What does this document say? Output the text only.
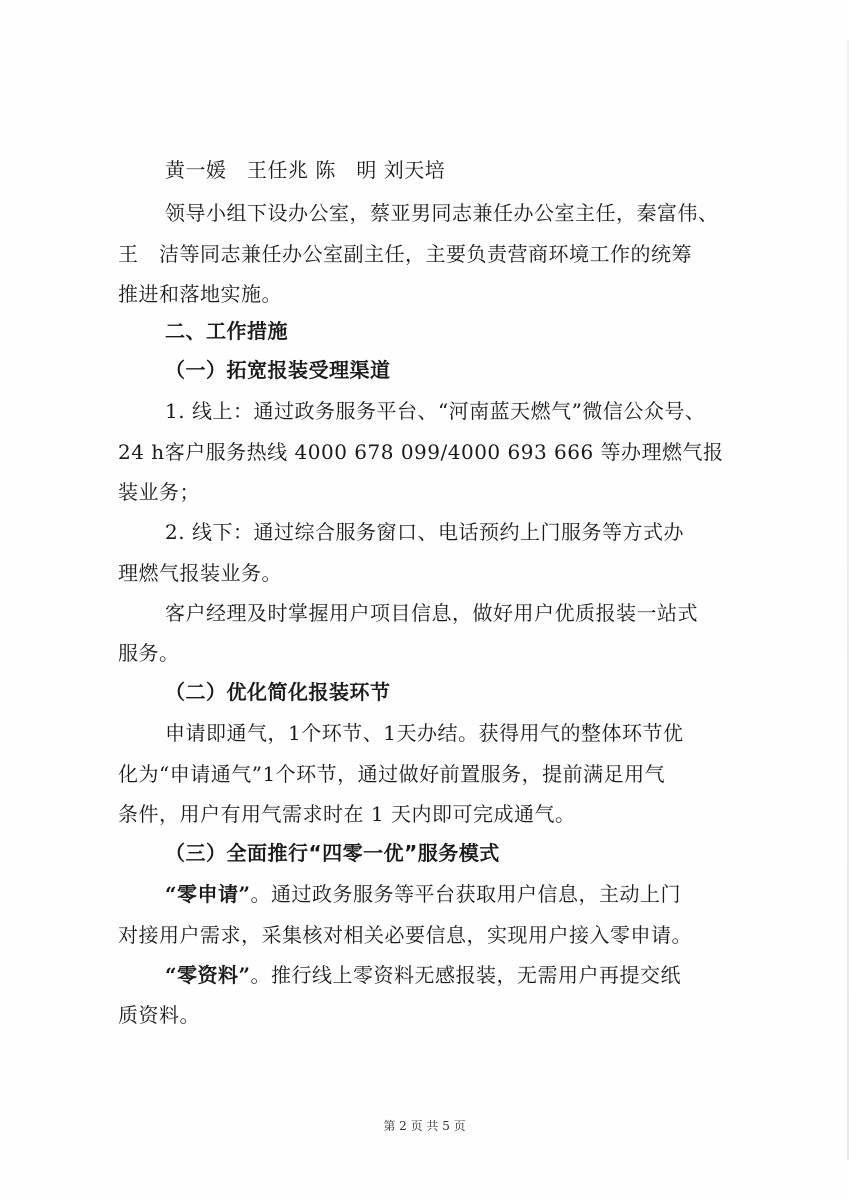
黄一媛　王任兆 陈　明 刘天培
领导小组下设办公室，蔡亚男同志兼任办公室主任，秦富伟、
王　洁等同志兼任办公室副主任，主要负责营商环境工作的统筹
推进和落地实施。
二、工作措施
（一）拓宽报装受理渠道
1. 线上：通过政务服务平台、“河南蓝天燃气”微信公众号、
24 h客户服务热线 4000 678 099/4000 693 666 等办理燃气报
装业务；
2. 线下：通过综合服务窗口、电话预约上门服务等方式办
理燃气报装业务。
客户经理及时掌握用户项目信息，做好用户优质报装一站式
服务。
（二）优化简化报装环节
申请即通气，1个环节、1天办结。获得用气的整体环节优
化为“申请通气”1个环节，通过做好前置服务，提前满足用气
条件，用户有用气需求时在 1 天内即可完成通气。
（三）全面推行“四零一优”服务模式
“零申请”。通过政务服务等平台获取用户信息，主动上门
对接用户需求，采集核对相关必要信息，实现用户接入零申请。
“零资料”。推行线上零资料无感报装，无需用户再提交纸
质资料。
第 2 页 共 5 页
